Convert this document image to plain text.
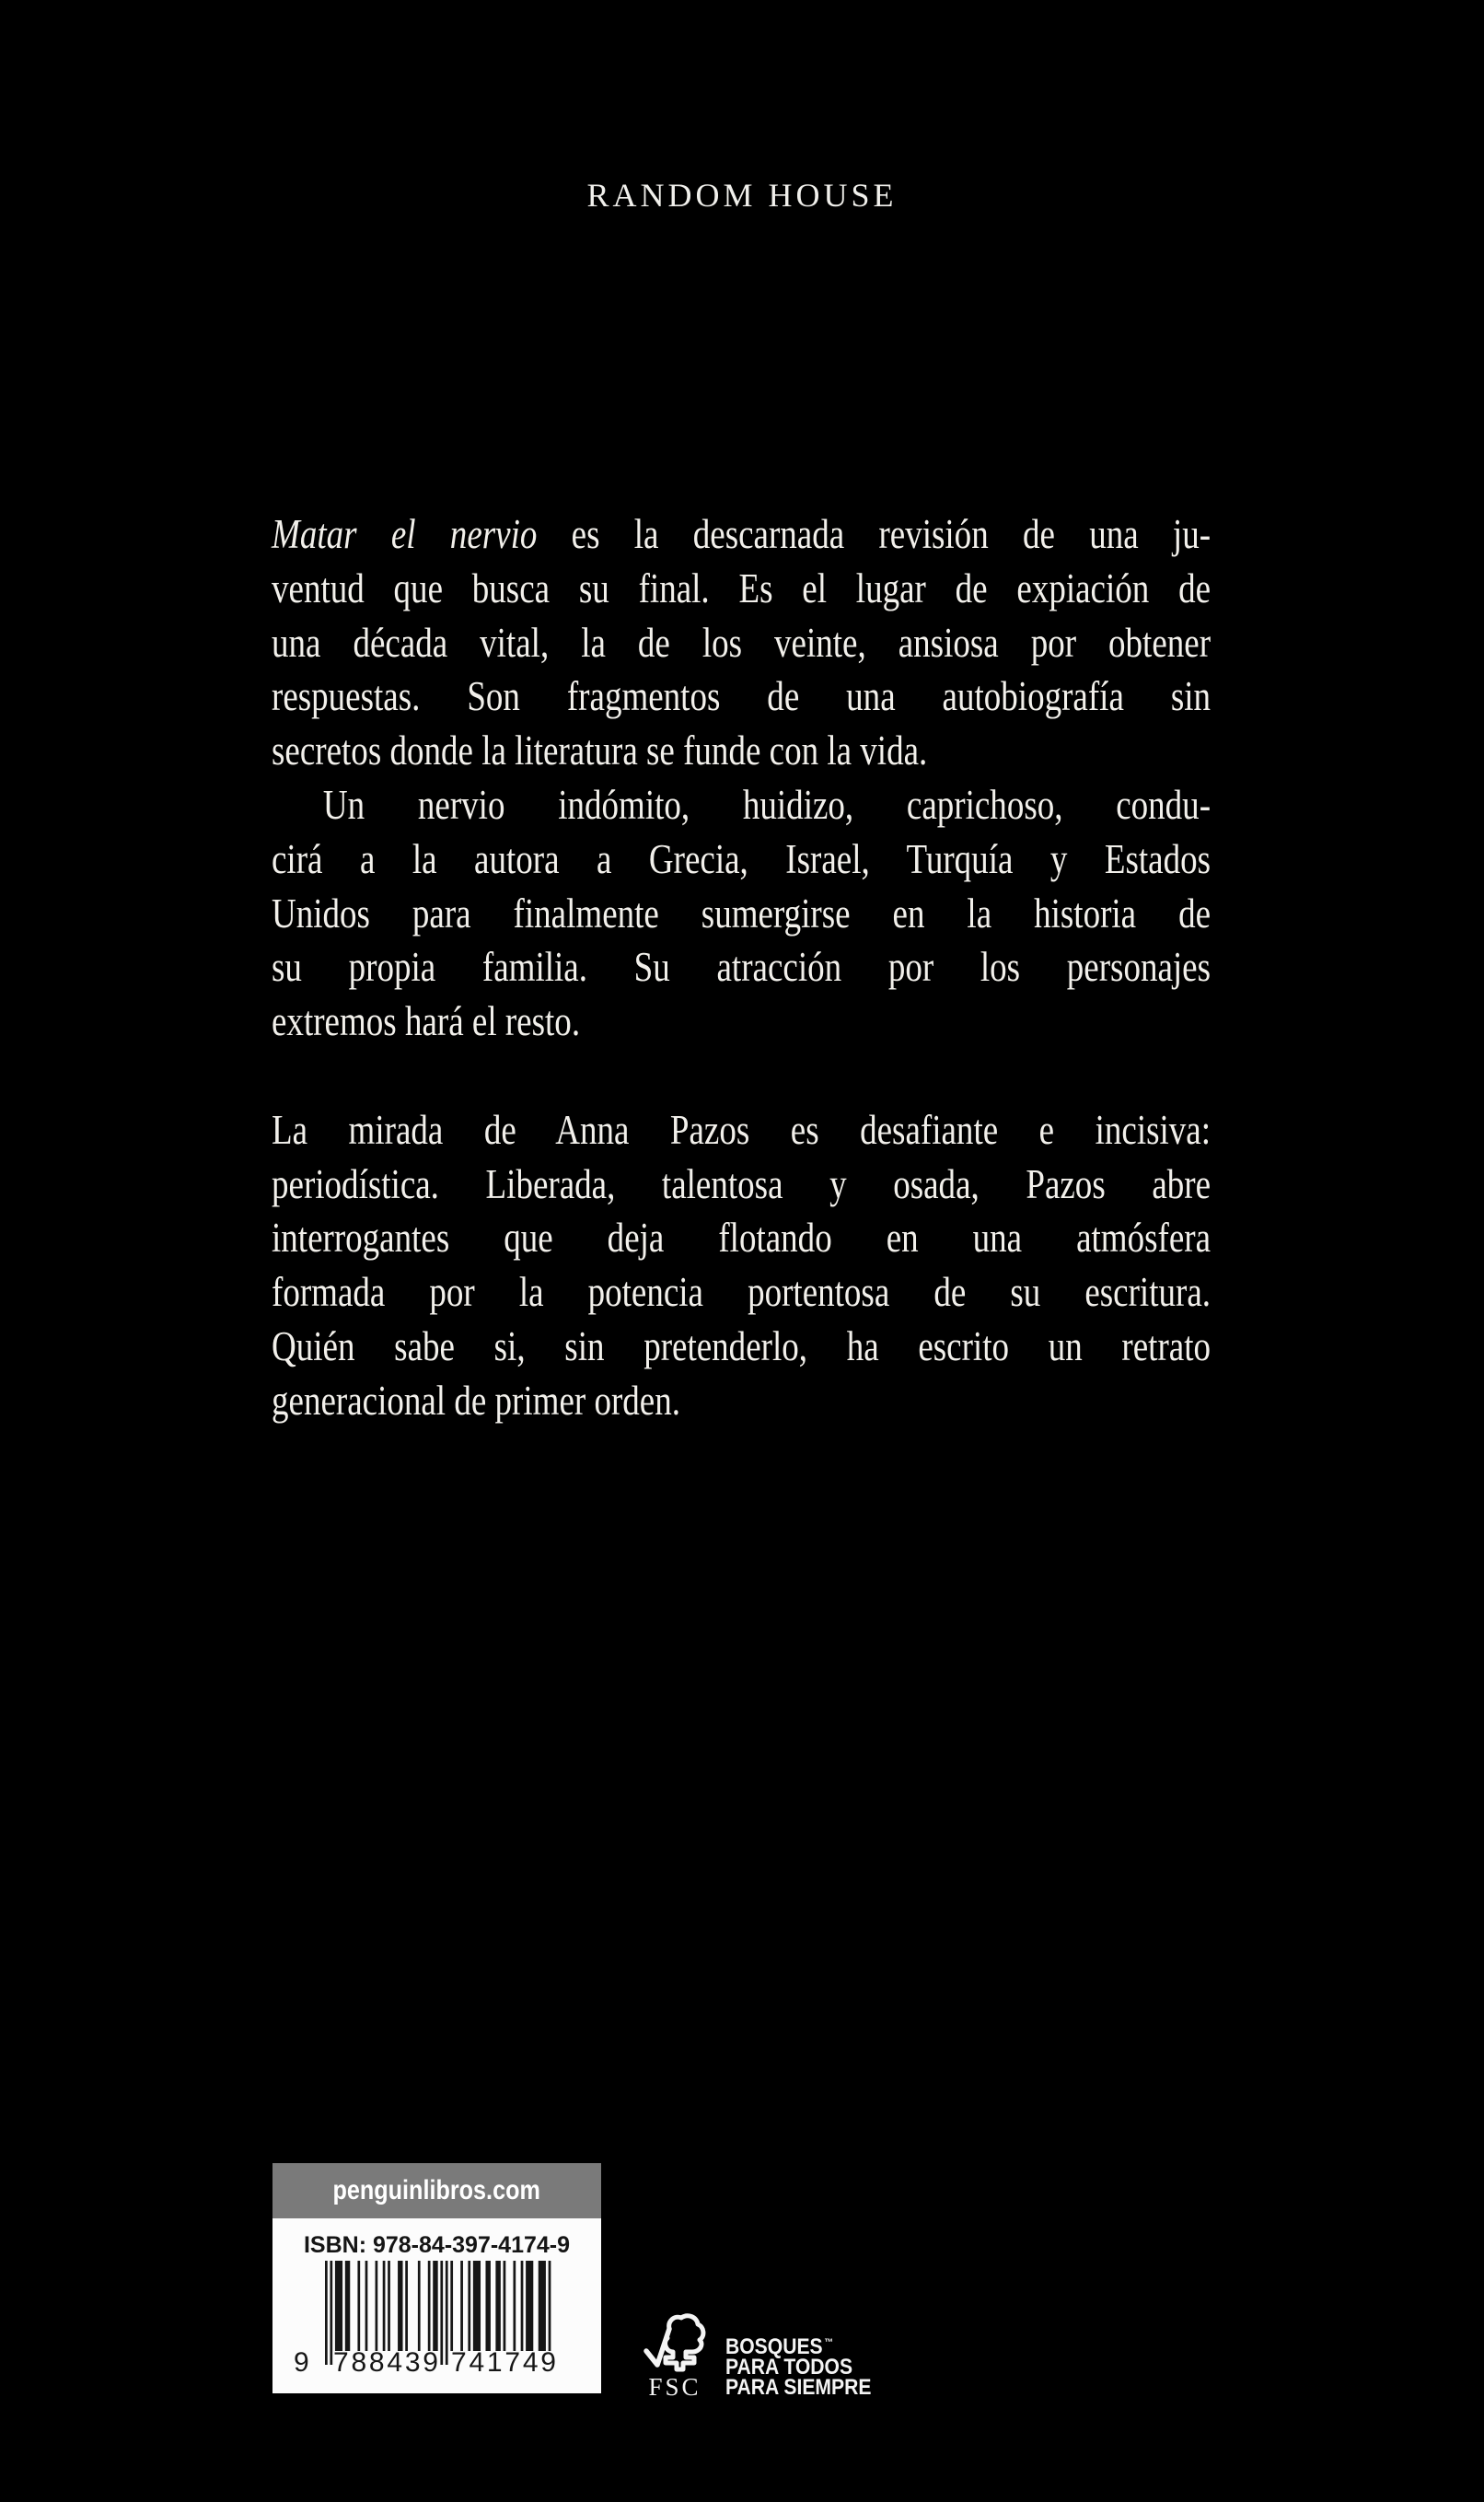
RANDOM HOUSE
Matar el nervio es la descarnada revisión de una ju-
ventud que busca su final. Es el lugar de expiación de
una década vital, la de los veinte, ansiosa por obtener
respuestas. Son fragmentos de una autobiografía sin
secretos donde la literatura se funde con la vida.
Un nervio indómito, huidizo, caprichoso, condu-
cirá a la autora a Grecia, Israel, Turquía y Estados
Unidos para finalmente sumergirse en la historia de
su propia familia. Su atracción por los personajes
extremos hará el resto.
La mirada de Anna Pazos es desafiante e incisiva:
periodística. Liberada, talentosa y osada, Pazos abre
interrogantes que deja flotando en una atmósfera
formada por la potencia portentosa de su escritura.
Quién sabe si, sin pretenderlo, ha escrito un retrato
generacional de primer orden.
penguinlibros.com
ISBN: 978-84-397-4174-9
9 7 8 8 4 3 9 7 4 1 7 4 9
FSC
BOSQUES ™
PARA TODOS
PARA SIEMPRE
